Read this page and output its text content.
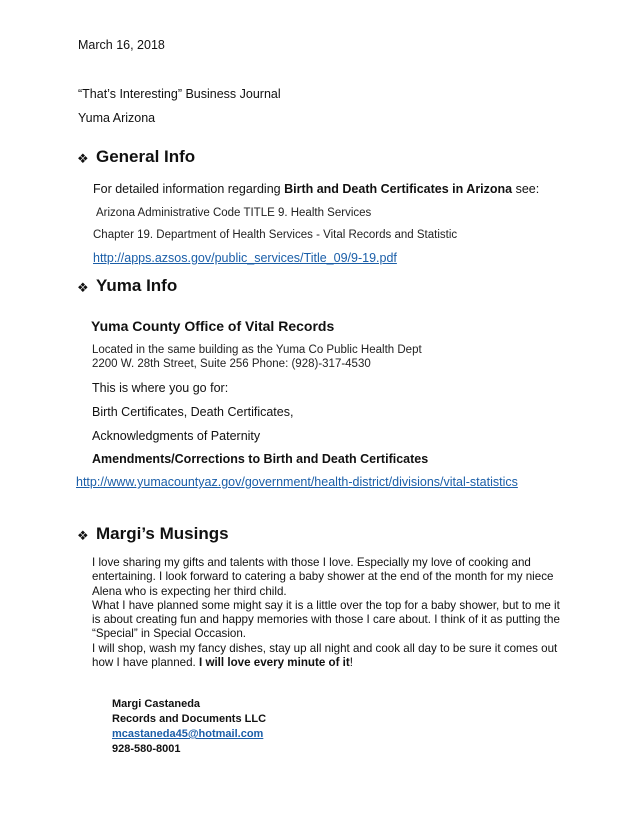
March 16, 2018
“That’s Interesting” Business Journal
Yuma Arizona
❖ General Info
For detailed information regarding Birth and Death Certificates in Arizona see:
Arizona Administrative Code TITLE 9. Health Services
Chapter 19. Department of Health Services - Vital Records and Statistic
http://apps.azsos.gov/public_services/Title_09/9-19.pdf
❖ Yuma Info
Yuma County Office of Vital Records
Located in the same building as the Yuma Co Public Health Dept
2200 W. 28th Street, Suite 256 Phone: (928)-317-4530
This is where you go for:
Birth Certificates, Death Certificates,
Acknowledgments of Paternity
Amendments/Corrections to Birth and Death Certificates
http://www.yumacountyaz.gov/government/health-district/divisions/vital-statistics
❖ Margi’s Musings
I love sharing my gifts and talents with those I love. Especially my love of cooking and entertaining. I look forward to catering a baby shower at the end of the month for my niece Alena who is expecting her third child.
What I have planned some might say it is a little over the top for a baby shower, but to me it is about creating fun and happy memories with those I care about. I think of it as putting the “Special” in Special Occasion.
I will shop, wash my fancy dishes, stay up all night and cook all day to be sure it comes out how I have planned. I will love every minute of it!
Margi Castaneda
Records and Documents LLC
mcastaneda45@hotmail.com
928-580-8001
